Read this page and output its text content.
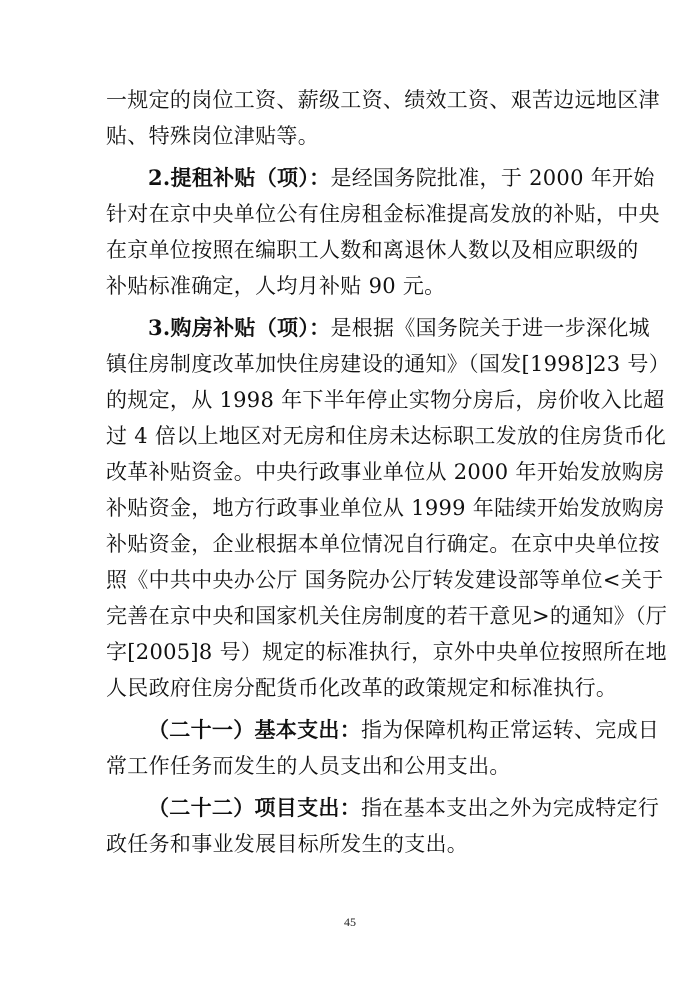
一规定的岗位工资、薪级工资、绩效工资、艰苦边远地区津
贴、特殊岗位津贴等。
2.提租补贴（项）：是经国务院批准，于 2000 年开始
针对在京中央单位公有住房租金标准提高发放的补贴，中央
在京单位按照在编职工人数和离退休人数以及相应职级的
补贴标准确定，人均月补贴 90 元。
3.购房补贴（项）：是根据《国务院关于进一步深化城
镇住房制度改革加快住房建设的通知》（国发[1998]23 号）
的规定，从 1998 年下半年停止实物分房后，房价收入比超
过 4 倍以上地区对无房和住房未达标职工发放的住房货币化
改革补贴资金。中央行政事业单位从 2000 年开始发放购房
补贴资金，地方行政事业单位从 1999 年陆续开始发放购房
补贴资金，企业根据本单位情况自行确定。在京中央单位按
照《中共中央办公厅 国务院办公厅转发建设部等单位<关于
完善在京中央和国家机关住房制度的若干意见>的通知》（厅
字[2005]8 号）规定的标准执行，京外中央单位按照所在地
人民政府住房分配货币化改革的政策规定和标准执行。
（二十一）基本支出：指为保障机构正常运转、完成日
常工作任务而发生的人员支出和公用支出。
（二十二）项目支出：指在基本支出之外为完成特定行
政任务和事业发展目标所发生的支出。
45
